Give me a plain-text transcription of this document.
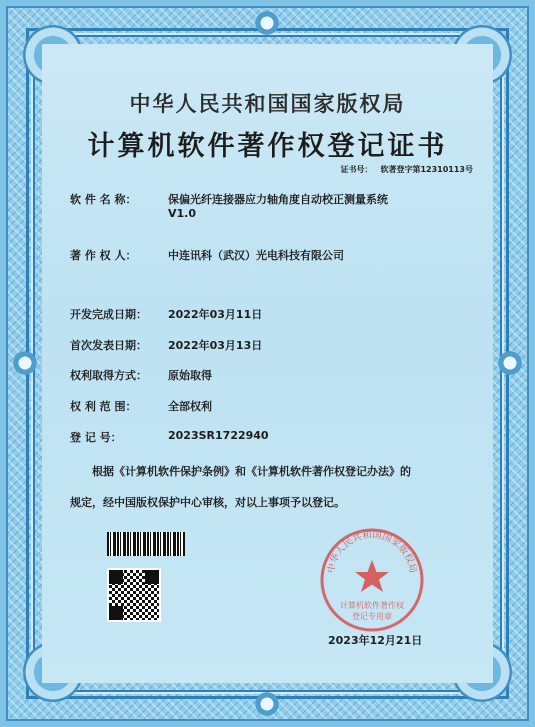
中华人民共和国国家版权局
计算机软件著作权登记证书
证书号： 软著登字第12310113号
软 件 名 称：	保偏光纤连接器应力轴角度自动校正测量系统
V1.0
著 作 权 人：	中连讯科（武汉）光电科技有限公司
开发完成日期： 2022年03月11日
首次发表日期： 2022年03月13日
权利取得方式： 原始取得
权 利 范 围：	全部权利
登 记 号：	2023SR1722940
根据《计算机软件保护条例》和《计算机软件著作权登记办法》的
规定，经中国版权保护中心审核，对以上事项予以登记。
中华人民共和国国家版权局
计算机软件著作权
登记专用章
2023年12月21日
